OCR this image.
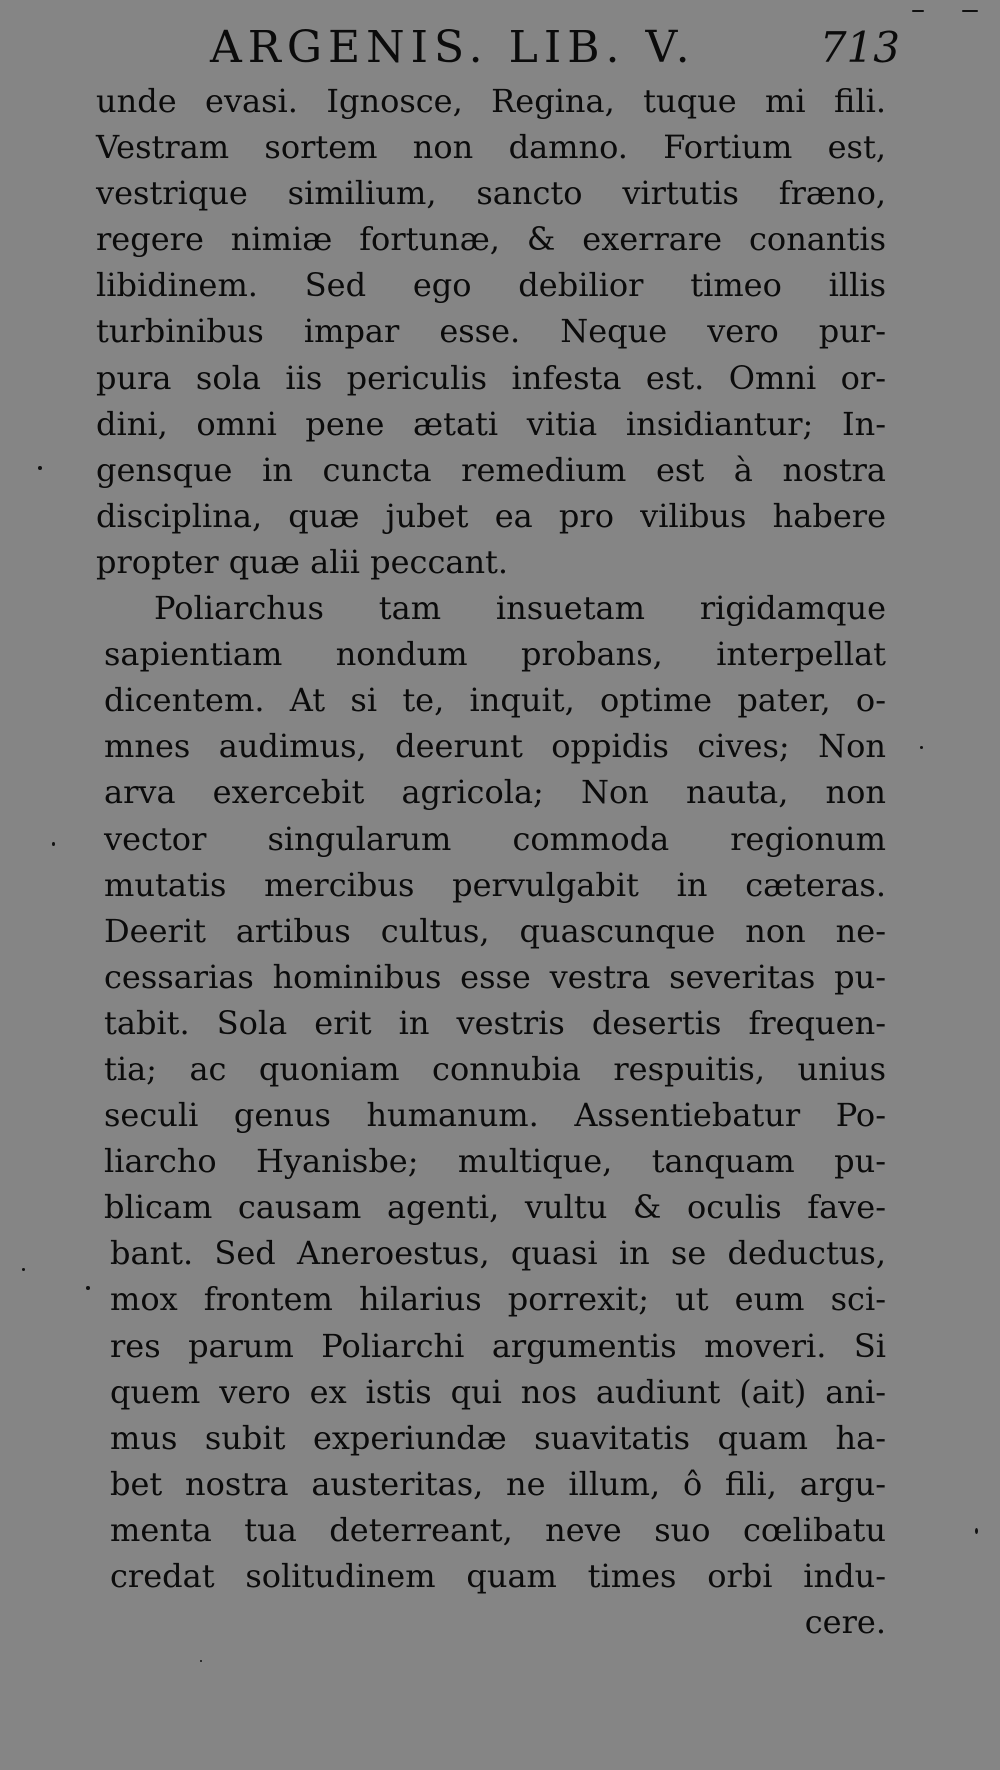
ARGENIS. LIB. V.	713
unde evasi. Ignosce, Regina, tuque mi fili.
Vestram sortem non damno. Fortium est,
vestrique similium, sancto virtutis fræno,
regere nimiæ fortunæ, & exerrare conantis
libidinem. Sed ego debilior timeo illis
turbinibus impar esse. Neque vero pur-
pura sola iis periculis infesta est. Omni or-
dini, omni pene ætati vitia insidiantur; In-
gensque in cuncta remedium est à nostra
disciplina, quæ jubet ea pro vilibus habere
propter quæ alii peccant.
Poliarchus tam insuetam rigidamque
sapientiam nondum probans, interpellat
dicentem. At si te, inquit, optime pater, o-
mnes audimus, deerunt oppidis cives; Non
arva exercebit agricola; Non nauta, non
vector singularum commoda regionum
mutatis mercibus pervulgabit in cæteras.
Deerit artibus cultus, quascunque non ne-
cessarias hominibus esse vestra severitas pu-
tabit. Sola erit in vestris desertis frequen-
tia; ac quoniam connubia respuitis, unius
seculi genus humanum. Assentiebatur Po-
liarcho Hyanisbe; multique, tanquam pu-
blicam causam agenti, vultu & oculis fave-
bant. Sed Aneroestus, quasi in se deductus,
mox frontem hilarius porrexit; ut eum sci-
res parum Poliarchi argumentis moveri. Si
quem vero ex istis qui nos audiunt (ait) ani-
mus subit experiundæ suavitatis quam ha-
bet nostra austeritas, ne illum, ô fili, argu-
menta tua deterreant, neve suo cœlibatu
credat solitudinem quam times orbi indu-
cere.
